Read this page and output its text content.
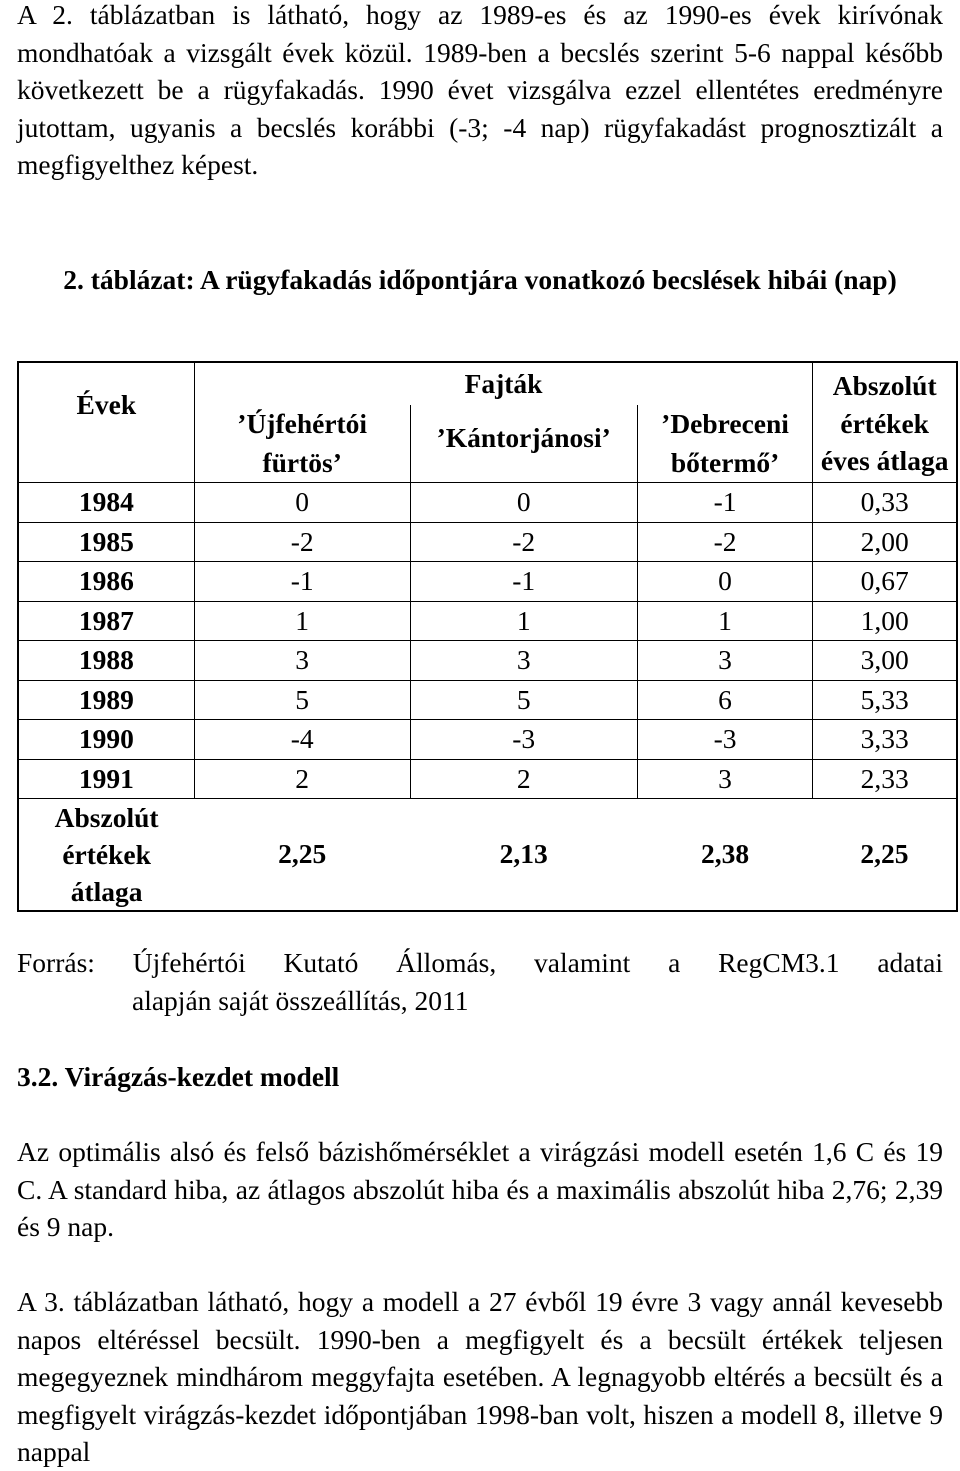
A 2. táblázatban is látható, hogy az 1989-es és az 1990-es évek kirívónak mondhatóak a vizsgált évek közül. 1989-ben a becslés szerint 5-6 nappal később következett be a rügyfakadás. 1990 évet vizsgálva ezzel ellentétes eredményre jutottam, ugyanis a becslés korábbi (-3; -4 nap) rügyfakadást prognosztizált a megfigyelthez képest.

2. táblázat: A rügyfakadás időpontjára vonatkozó becslések hibái (nap)

Évek	Fajták			Abszolút értékek éves átlaga
	’Újfehértói fürtös’	’Kántorjánosi’	’Debreceni bőtermő’	
1984	0	0	-1	0,33
1985	-2	-2	-2	2,00
1986	-1	-1	0	0,67
1987	1	1	1	1,00
1988	3	3	3	3,00
1989	5	5	6	5,33
1990	-4	-3	-3	3,33
1991	2	2	3	2,33
Abszolút értékek átlaga	2,25	2,13	2,38	2,25
Forrás: Újfehértói Kutató Állomás, valamint a RegCM3.1 adatai
alapján saját összeállítás, 2011

3.2. Virágzás-kezdet modell

Az optimális alsó és felső bázishőmérséklet a virágzási modell esetén 1,6 C és 19 C. A standard hiba, az átlagos abszolút hiba és a maximális abszolút hiba 2,76; 2,39 és 9 nap.

A 3. táblázatban látható, hogy a modell a 27 évből 19 évre 3 vagy annál kevesebb napos eltéréssel becsült. 1990-ben a megfigyelt és a becsült értékek teljesen megegyeznek mindhárom meggyfajta esetében. A legnagyobb eltérés a becsült és a megfigyelt virágzás-kezdet időpontjában 1998-ban volt, hiszen a modell 8, illetve 9 nappal
